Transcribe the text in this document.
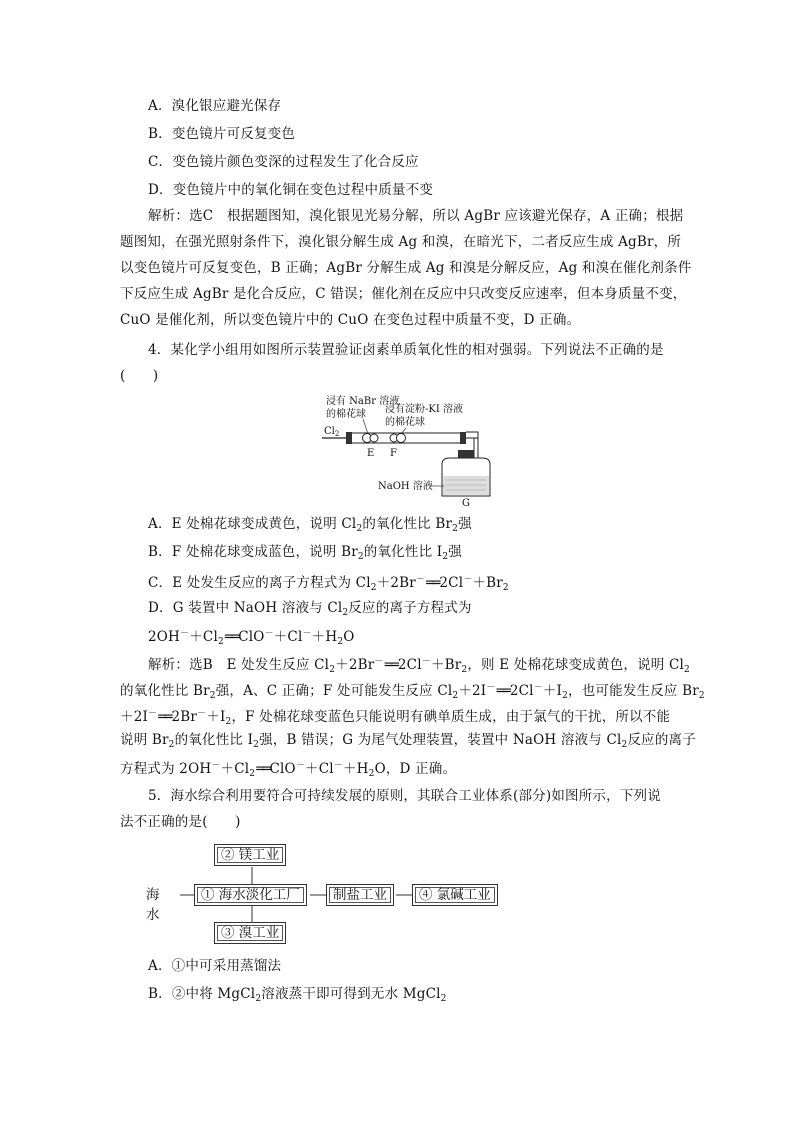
A．溴化银应避光保存
B．变色镜片可反复变色
C．变色镜片颜色变深的过程发生了化合反应
D．变色镜片中的氧化铜在变色过程中质量不变
解析：选C　根据题图知，溴化银见光易分解，所以 AgBr 应该避光保存，A 正确；根据
题图知，在强光照射条件下，溴化银分解生成 Ag 和溴，在暗光下，二者反应生成 AgBr，所
以变色镜片可反复变色，B 正确；AgBr 分解生成 Ag 和溴是分解反应，Ag 和溴在催化剂条件
下反应生成 AgBr 是化合反应，C 错误；催化剂在反应中只改变反应速率，但本身质量不变，
CuO 是催化剂，所以变色镜片中的 CuO 在变色过程中质量不变，D 正确。
4．某化学小组用如图所示装置验证卤素单质氧化性的相对强弱。下列说法不正确的是
(　　)
浸有 NaBr 溶液
的棉花球 浸有淀粉-KI 溶液
的棉花球
$Cl_2$
E F
NaOH 溶液
G
A．E 处棉花球变成黄色，说明 $Cl_2$的氧化性比 $Br_2$强
B．F 处棉花球变成蓝色，说明 $Br_2$的氧化性比 $I_2$强
C．E 处发生反应的离子方程式为 $Cl_2+2Br^-══2Cl^-+Br_2$
D．G 装置中 NaOH 溶液与 $Cl_2$反应的离子方程式为
$2OH^-+Cl_2══ClO^-+Cl^-+H_2O$
解析：选B　E 处发生反应 $Cl_2+2Br^-══2Cl^-+Br_2$，则 E 处棉花球变成黄色，说明 $Cl_2$
的氧化性比 $Br_2$强，A、C 正确；F 处可能发生反应 $Cl_2+2I^-══2Cl^-+I_2$，也可能发生反应 $Br_2$
$+2I^-══2Br^-+I_2$，F 处棉花球变蓝色只能说明有碘单质生成，由于氯气的干扰，所以不能
说明 $Br_2$的氧化性比 $I_2$强，B 错误；G 为尾气处理装置，装置中 NaOH 溶液与 $Cl_2$反应的离子
方程式为 $2OH^-+Cl_2══ClO^-+Cl^-+H_2O$，D 正确。
5．海水综合利用要符合可持续发展的原则，其联合工业体系(部分)如图所示，下列说
法不正确的是(　　)
海水
② 镁工业
① 海水淡化工厂	制盐工业	④ 氯碱工业
③ 溴工业
A．①中可采用蒸馏法
B．②中将 MgCl$_2$溶液蒸干即可得到无水 MgCl$_2$
